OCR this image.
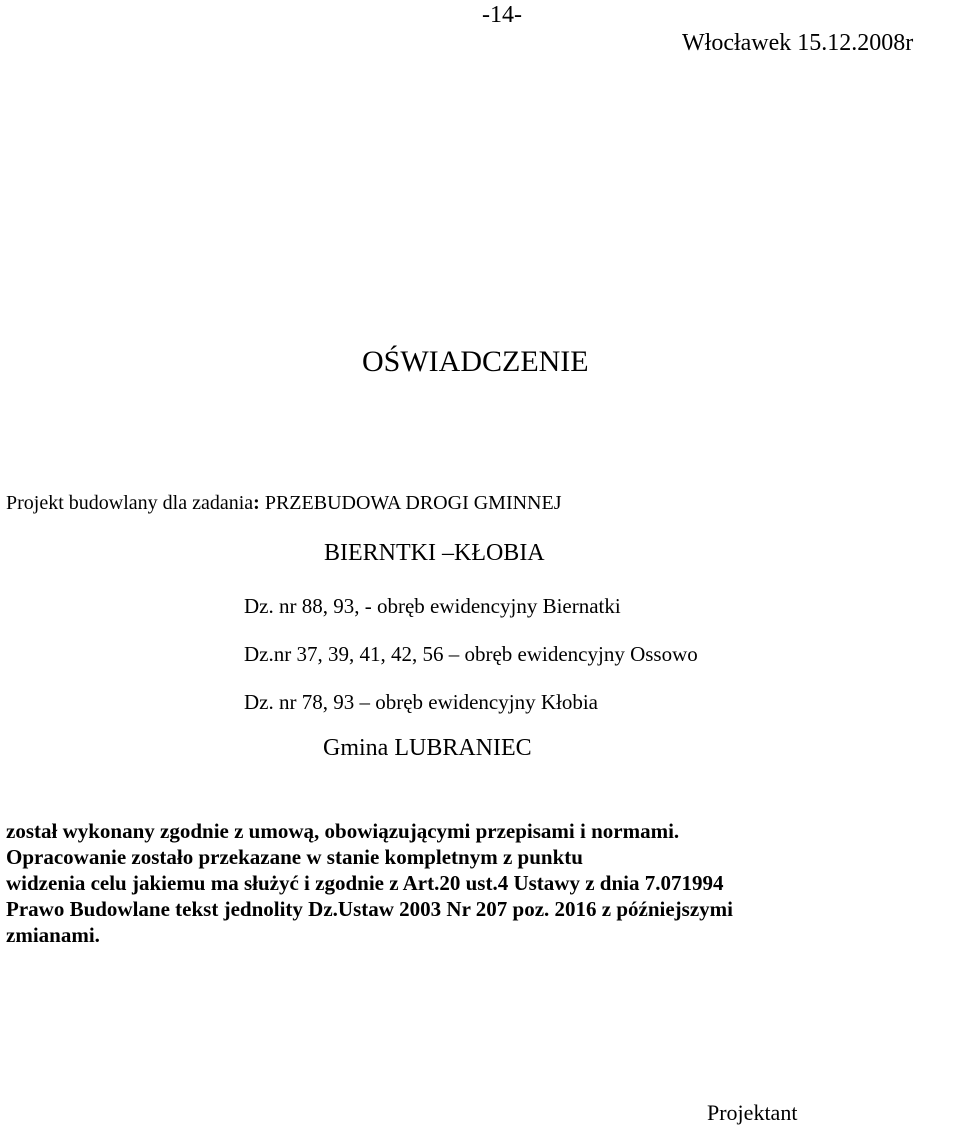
-14-
Włocławek 15.12.2008r
OŚWIADCZENIE
Projekt budowlany dla zadania: PRZEBUDOWA DROGI GMINNEJ
BIERNTKI –KŁOBIA
Dz. nr 88, 93, - obręb ewidencyjny Biernatki
Dz.nr 37, 39, 41, 42, 56 – obręb ewidencyjny Ossowo
Dz. nr 78, 93 – obręb ewidencyjny Kłobia
Gmina LUBRANIEC
został wykonany zgodnie z umową, obowiązującymi przepisami i normami.
Opracowanie zostało przekazane w stanie kompletnym z punktu
widzenia celu jakiemu ma służyć i zgodnie z Art.20 ust.4 Ustawy z dnia 7.071994
Prawo Budowlane tekst jednolity Dz.Ustaw 2003 Nr 207 poz. 2016 z późniejszymi
zmianami.
Projektant
